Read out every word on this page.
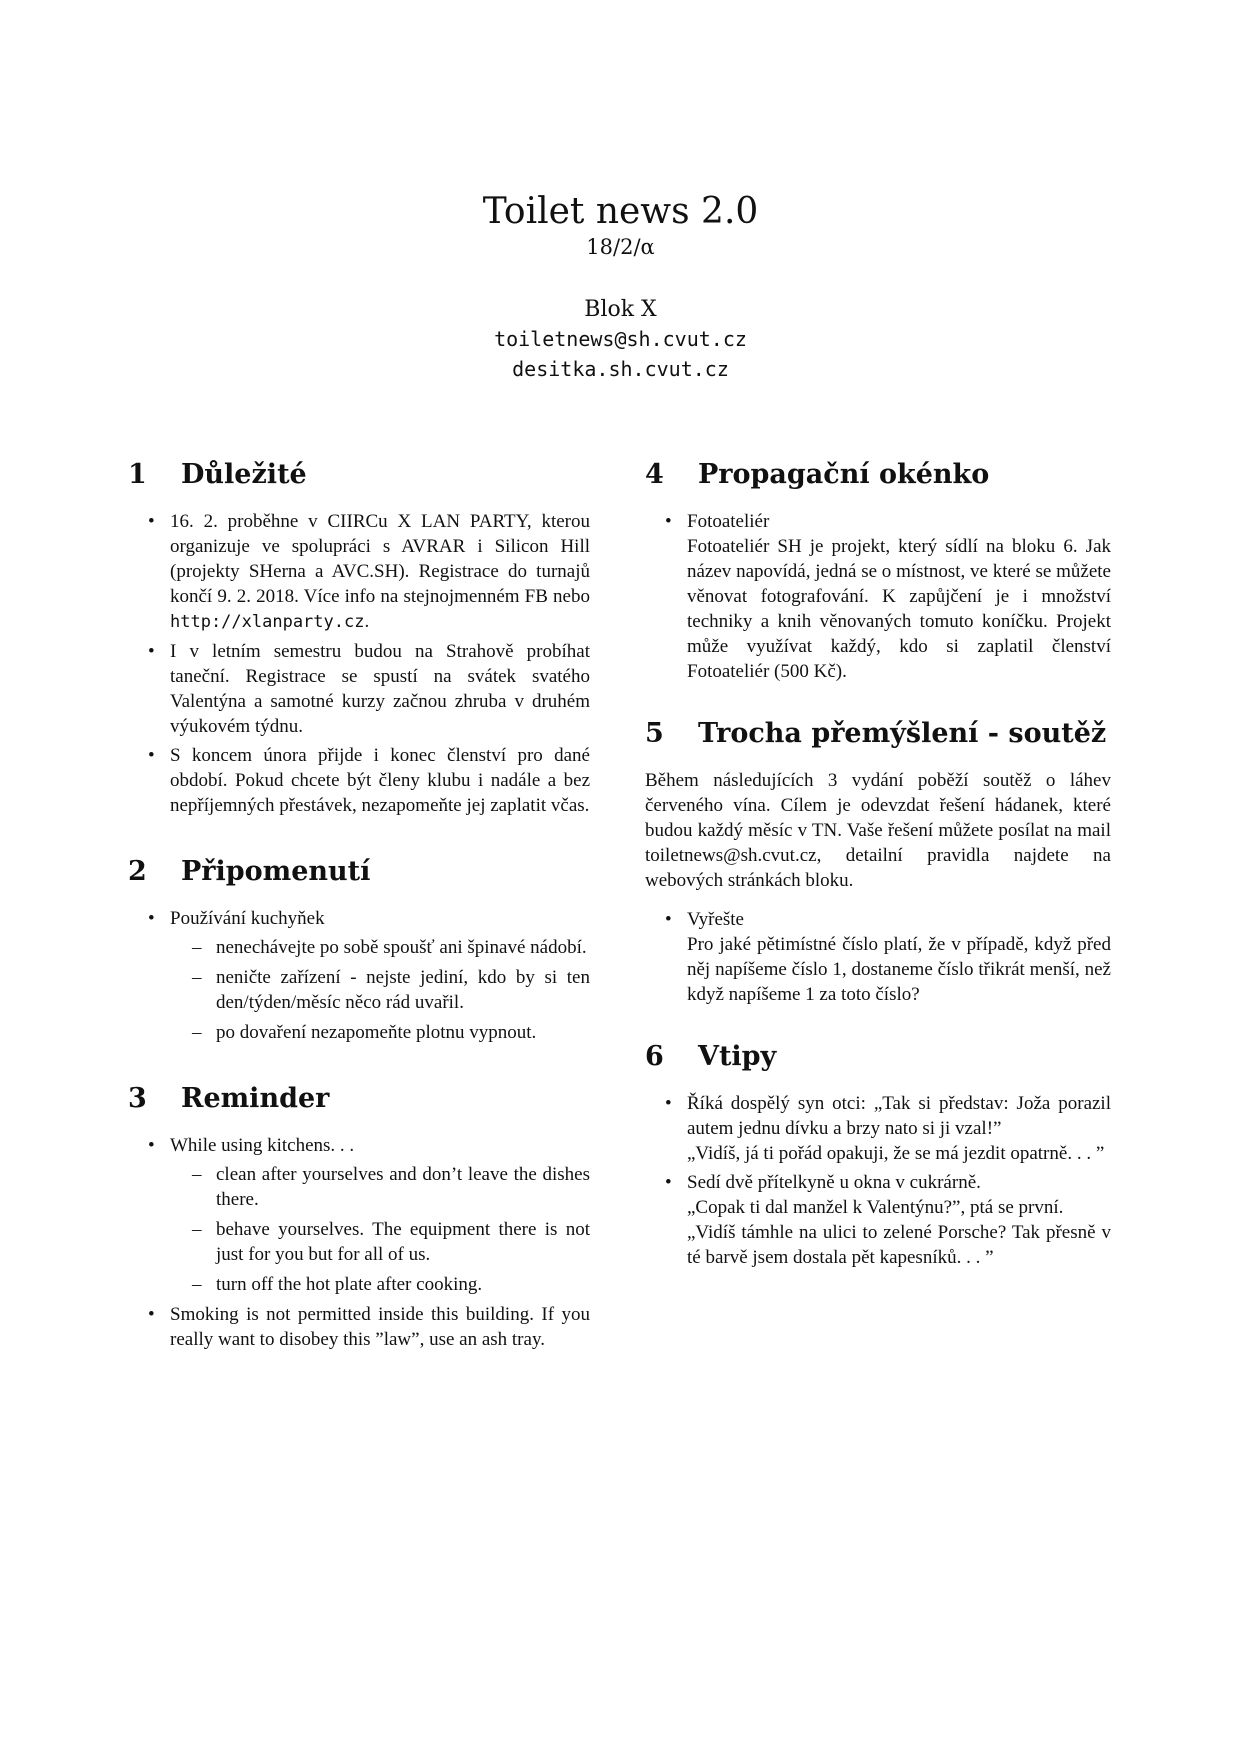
Toilet news 2.0
18/2/α
Blok X
toiletnews@sh.cvut.cz
desitka.sh.cvut.cz
1	Důležité
• 16. 2. proběhne v CIIRCu X LAN PARTY, kterou organizuje ve spolupráci s AVRAR i Silicon Hill (projekty SHerna a AVC.SH). Registrace do turnajů končí 9. 2. 2018. Více info na stejnojmenném FB nebo http://xlanparty.cz.
• I v letním semestru budou na Strahově probíhat taneční. Registrace se spustí na svátek svatého Valentýna a samotné kurzy začnou zhruba v druhém výukovém týdnu.
• S koncem února přijde i konec členství pro dané období. Pokud chcete být členy klubu i nadále a bez nepříjemných přestávek, nezapomeňte jej zaplatit včas.
2	Připomenutí
• Používání kuchyňek
– nenechávejte po sobě spoušť ani špinavé nádobí.
– neničte zařízení - nejste jediní, kdo by si ten den/týden/měsíc něco rád uvařil.
– po dovaření nezapomeňte plotnu vypnout.
3	Reminder
• While using kitchens. . .
– clean after yourselves and don’t leave the dishes there.
– behave yourselves. The equipment there is not just for you but for all of us.
– turn off the hot plate after cooking.
• Smoking is not permitted inside this building. If you really want to disobey this ”law”, use an ash tray.
4	Propagační okénko
• Fotoateliér
Fotoateliér SH je projekt, který sídlí na bloku 6. Jak název napovídá, jedná se o místnost, ve které se můžete věnovat fotografování. K zapůjčení je i množství techniky a knih věnovaných tomuto koníčku. Projekt může využívat každý, kdo si zaplatil členství Fotoateliér (500 Kč).
5	Trocha přemýšlení - soutěž

Během následujících 3 vydání poběží soutěž o láhev červeného vína. Cílem je odevzdat řešení hádanek, které budou každý měsíc v TN. Vaše řešení můžete posílat na mail toiletnews@sh.cvut.cz, detailní pravidla najdete na webových stránkách bloku.

• Vyřešte
Pro jaké pětimístné číslo platí, že v případě, když před něj napíšeme číslo 1, dostaneme číslo třikrát menší, než když napíšeme 1 za toto číslo?
6	Vtipy
• Říká dospělý syn otci: „Tak si představ: Joža porazil autem jednu dívku a brzy nato si ji vzal!”
„Vidíš, já ti pořád opakuji, že se má jezdit opatrně. . . ”
• Sedí dvě přítelkyně u okna v cukrárně.
„Copak ti dal manžel k Valentýnu?”, ptá se první.
„Vidíš támhle na ulici to zelené Porsche? Tak přesně v té barvě jsem dostala pět kapesníků. . . ”
